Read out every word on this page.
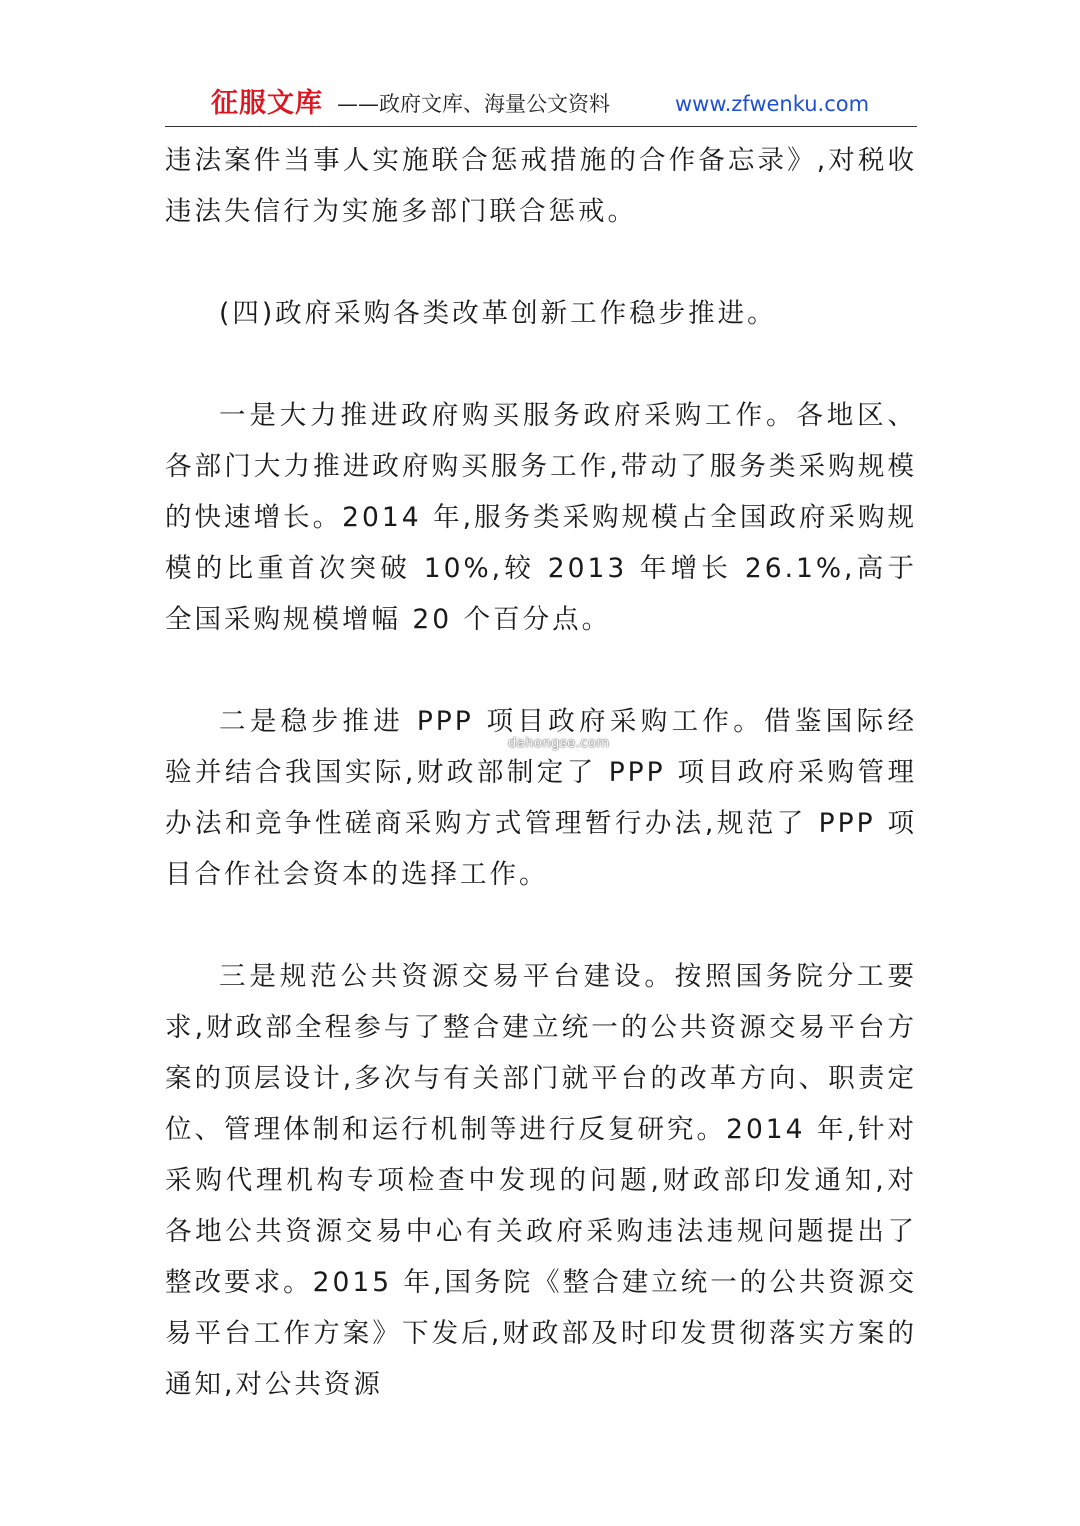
征服文库 ——政府文库、海量公文资料	www.zfwenku.com

违法案件当事人实施联合惩戒措施的合作备忘录》,对税收违法失信行为实施多部门联合惩戒。

(四)政府采购各类改革创新工作稳步推进。

一是大力推进政府购买服务政府采购工作。各地区、各部门大力推进政府购买服务工作,带动了服务类采购规模的快速增长。2014 年,服务类采购规模占全国政府采购规模的比重首次突破 10%,较 2013 年增长 26.1%,高于全国采购规模增幅 20 个百分点。

二是稳步推进 PPP 项目政府采购工作。借鉴国际经验并结合我国实际,财政部制定了 PPP 项目政府采购管理办法和竞争性磋商采购方式管理暂行办法,规范了 PPP 项目合作社会资本的选择工作。

三是规范公共资源交易平台建设。按照国务院分工要求,财政部全程参与了整合建立统一的公共资源交易平台方案的顶层设计,多次与有关部门就平台的改革方向、职责定位、管理体制和运行机制等进行反复研究。2014 年,针对采购代理机构专项检查中发现的问题,财政部印发通知,对各地公共资源交易中心有关政府采购违法违规问题提出了整改要求。2015 年,国务院《整合建立统一的公共资源交易平台工作方案》下发后,财政部及时印发贯彻落实方案的通知,对公共资源

dahongse.com
